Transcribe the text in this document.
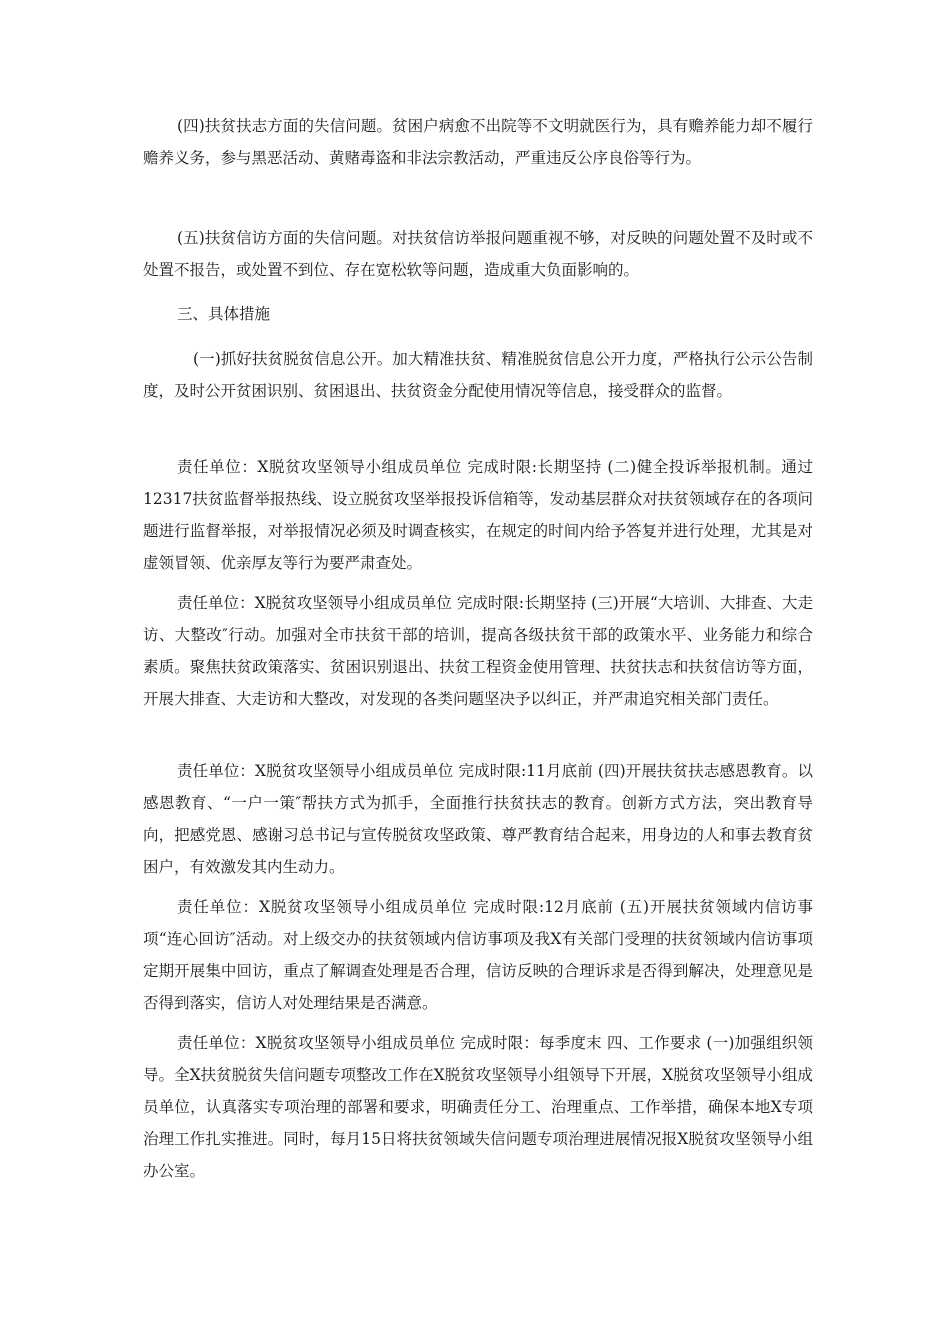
(四)扶贫扶志方面的失信问题。贫困户病愈不出院等不文明就医行为，具有赡养能力却不履行赡养义务，参与黑恶活动、黄赌毒盗和非法宗教活动，严重违反公序良俗等行为。

(五)扶贫信访方面的失信问题。对扶贫信访举报问题重视不够，对反映的问题处置不及时或不处置不报告，或处置不到位、存在宽松软等问题，造成重大负面影响的。

三、具体措施

(一)抓好扶贫脱贫信息公开。加大精准扶贫、精准脱贫信息公开力度，严格执行公示公告制度，及时公开贫困识别、贫困退出、扶贫资金分配使用情况等信息，接受群众的监督。

责任单位：X脱贫攻坚领导小组成员单位 完成时限:长期坚持 (二)健全投诉举报机制。通过12317扶贫监督举报热线、设立脱贫攻坚举报投诉信箱等，发动基层群众对扶贫领域存在的各项问题进行监督举报，对举报情况必须及时调查核实，在规定的时间内给予答复并进行处理，尤其是对虚领冒领、优亲厚友等行为要严肃查处。

责任单位：X脱贫攻坚领导小组成员单位 完成时限:长期坚持 (三)开展“大培训、大排查、大走访、大整改″行动。加强对全市扶贫干部的培训，提高各级扶贫干部的政策水平、业务能力和综合素质。聚焦扶贫政策落实、贫困识别退出、扶贫工程资金使用管理、扶贫扶志和扶贫信访等方面，开展大排查、大走访和大整改，对发现的各类问题坚决予以纠正，并严肃追究相关部门责任。

责任单位：X脱贫攻坚领导小组成员单位 完成时限:11月底前 (四)开展扶贫扶志感恩教育。以感恩教育、“一户一策″帮扶方式为抓手，全面推行扶贫扶志的教育。创新方式方法，突出教育导向，把感党恩、感谢习总书记与宣传脱贫攻坚政策、尊严教育结合起来，用身边的人和事去教育贫困户，有效激发其内生动力。

责任单位：X脱贫攻坚领导小组成员单位 完成时限:12月底前 (五)开展扶贫领域内信访事项“连心回访″活动。对上级交办的扶贫领域内信访事项及我X有关部门受理的扶贫领域内信访事项定期开展集中回访，重点了解调查处理是否合理，信访反映的合理诉求是否得到解决，处理意见是否得到落实，信访人对处理结果是否满意。

责任单位：X脱贫攻坚领导小组成员单位 完成时限：每季度末 四、工作要求 (一)加强组织领导。全X扶贫脱贫失信问题专项整改工作在X脱贫攻坚领导小组领导下开展，X脱贫攻坚领导小组成员单位，认真落实专项治理的部署和要求，明确责任分工、治理重点、工作举措，确保本地X专项治理工作扎实推进。同时，每月15日将扶贫领域失信问题专项治理进展情况报X脱贫攻坚领导小组办公室。
